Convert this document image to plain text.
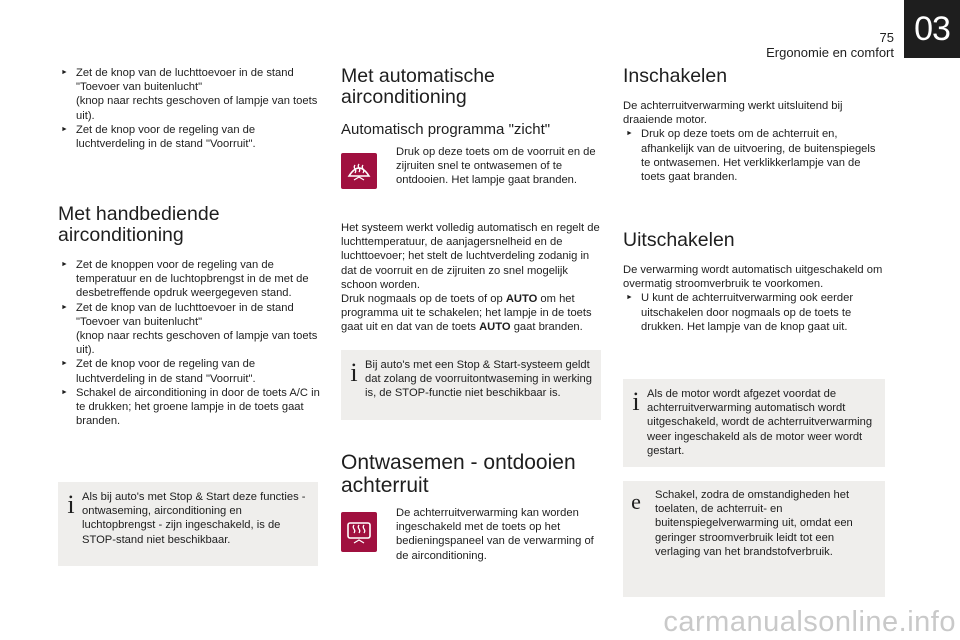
75 03
Ergonomie en comfort
► Zet de knop van de luchttoevoer in de stand "Toevoer van buitenlucht"
(knop naar rechts geschoven of lampje van toets uit).
► Zet de knop voor de regeling van de luchtverdeling in de stand "Voorruit".
Met handbediende airconditioning
► Zet de knoppen voor de regeling van de temperatuur en de luchtopbrengst in de met de desbetreffende opdruk weergegeven stand.
► Zet de knop van de luchttoevoer in de stand "Toevoer van buitenlucht"
(knop naar rechts geschoven of lampje van toets uit).
► Zet de knop voor de regeling van de luchtverdeling in de stand "Voorruit".
► Schakel de airconditioning in door de toets A/C in te drukken; het groene lampje in de toets gaat branden.
i Als bij auto's met Stop & Start deze functies - ontwaseming, airconditioning en luchtopbrengst - zijn ingeschakeld, is de STOP-stand niet beschikbaar.
Met automatische airconditioning
Automatisch programma "zicht"

Druk op deze toets om de voorruit en de zijruiten snel te ontwasemen of te ontdooien. Het lampje gaat branden.

Het systeem werkt volledig automatisch en regelt de luchttemperatuur, de aanjagersnelheid en de luchttoevoer; het stelt de luchtverdeling zodanig in dat de voorruit en de zijruiten zo snel mogelijk schoon worden.

Druk nogmaals op de toets of op AUTO om het programma uit te schakelen; het lampje in de toets gaat uit en dat van de toets AUTO gaat branden.

i Bij auto's met een Stop & Start-systeem geldt dat zolang de voorruitontwaseming in werking is, de STOP-functie niet beschikbaar is.
Ontwasemen - ontdooien achterruit

De achterruitverwarming kan worden ingeschakeld met de toets op het bedieningspaneel van de verwarming of de airconditioning.

Inschakelen

De achterruitverwarming werkt uitsluitend bij draaiende motor.

► Druk op deze toets om de achterruit en, afhankelijk van de uitvoering, de buitenspiegels te ontwasemen. Het verklikkerlampje van de toets gaat branden.
Uitschakelen

De verwarming wordt automatisch uitgeschakeld om overmatig stroomverbruik te voorkomen.

► U kunt de achterruitverwarming ook eerder uitschakelen door nogmaals op de toets te drukken. Het lampje van de knop gaat uit.
i Als de motor wordt afgezet voordat de achterruitverwarming automatisch wordt uitgeschakeld, wordt de achterruitverwarming weer ingeschakeld als de motor weer wordt gestart.
e Schakel, zodra de omstandigheden het toelaten, de achterruit- en buitenspiegelverwarming uit, omdat een geringer stroomverbruik leidt tot een verlaging van het brandstofverbruik.
carmanualsonline.info
